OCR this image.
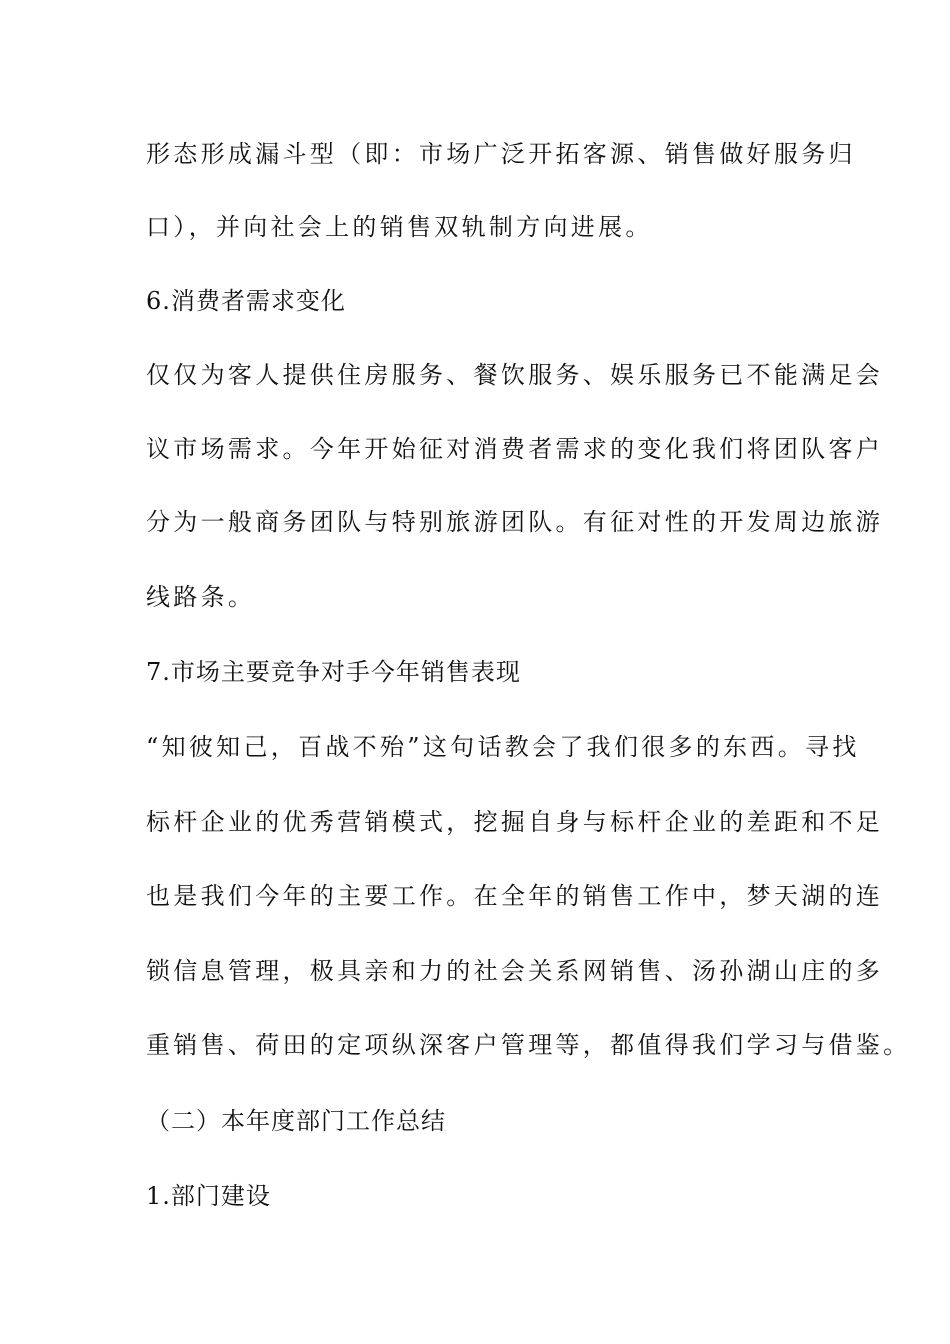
形态形成漏斗型（即：市场广泛开拓客源、销售做好服务归
口），并向社会上的销售双轨制方向进展。
6.消费者需求变化
仅仅为客人提供住房服务、餐饮服务、娱乐服务已不能满足会
议市场需求。今年开始征对消费者需求的变化我们将团队客户
分为一般商务团队与特别旅游团队。有征对性的开发周边旅游
线路条。
7.市场主要竞争对手今年销售表现
“知彼知己，百战不殆”这句话教会了我们很多的东西。寻找
标杆企业的优秀营销模式，挖掘自身与标杆企业的差距和不足
也是我们今年的主要工作。在全年的销售工作中，梦天湖的连
锁信息管理，极具亲和力的社会关系网销售、汤孙湖山庄的多
重销售、荷田的定项纵深客户管理等，都值得我们学习与借鉴。
（二）本年度部门工作总结
1.部门建设
